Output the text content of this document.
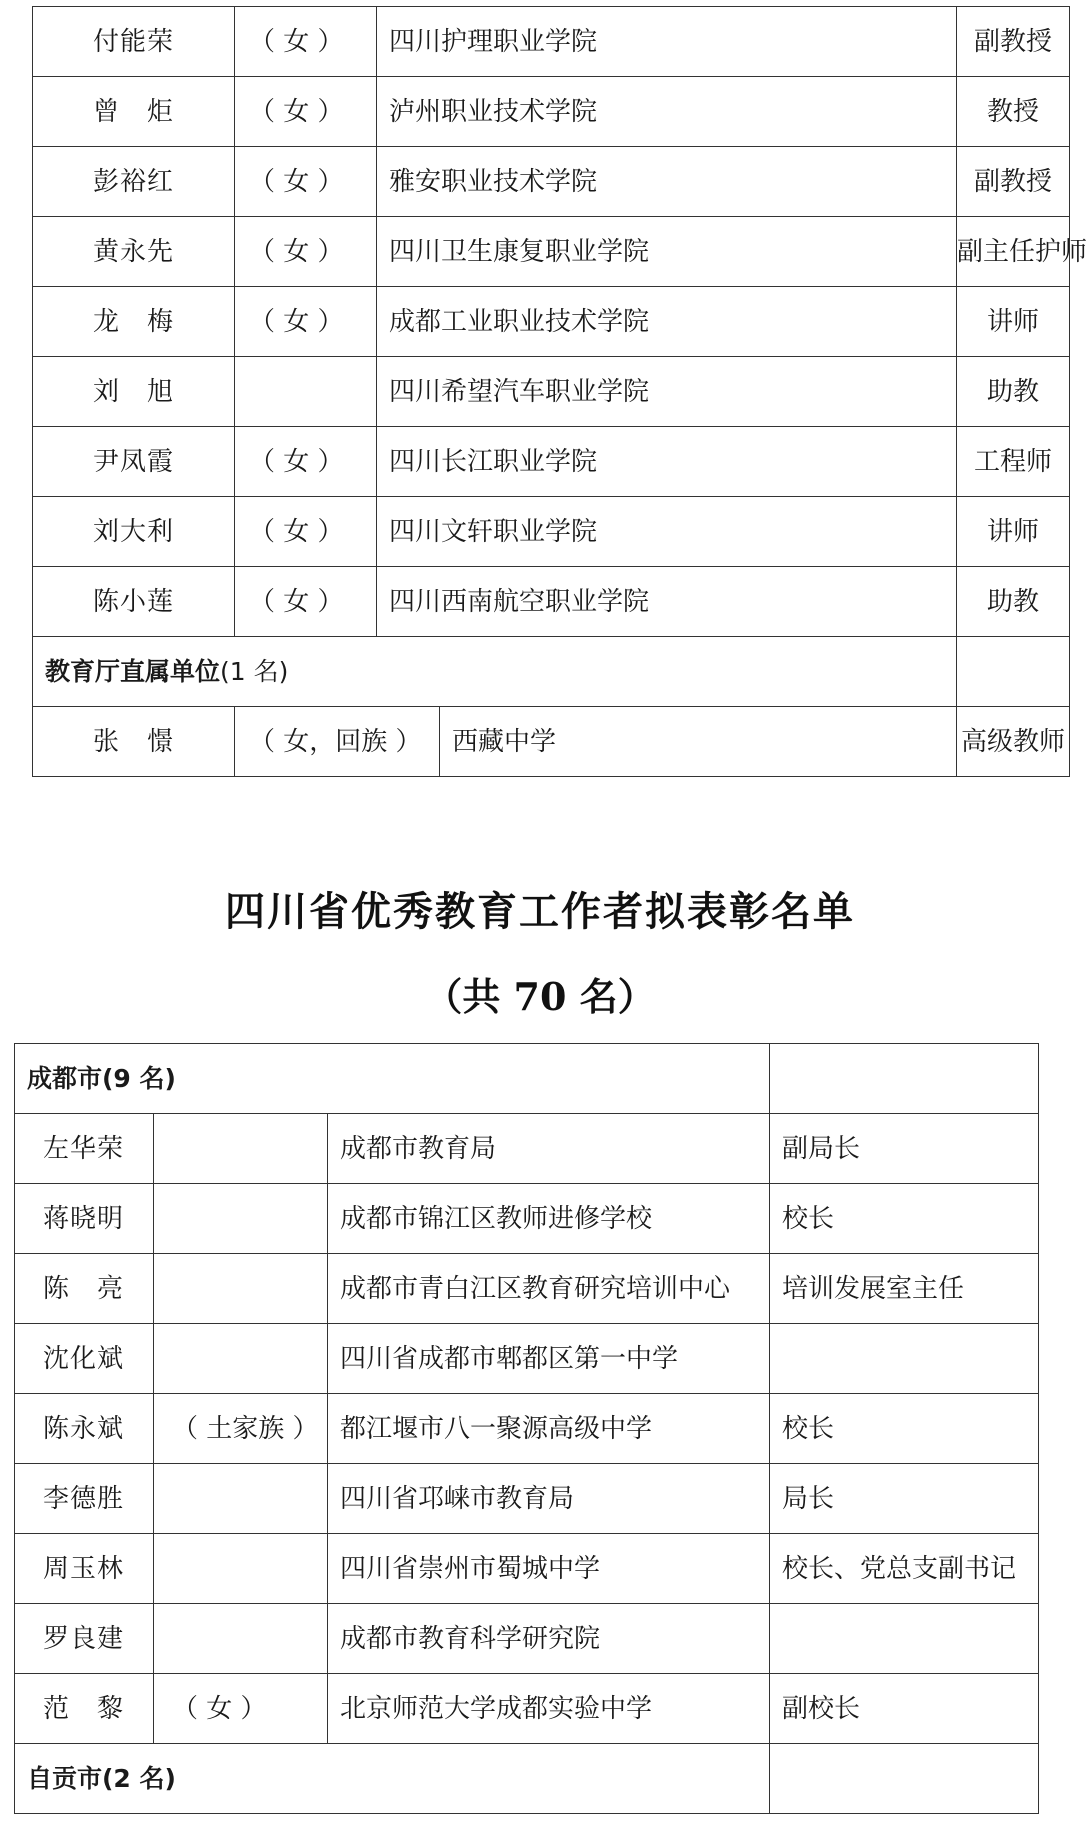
付能荣	（ 女 ）	四川护理职业学院		副教授
曾　炬	（ 女 ）	泸州职业技术学院		教授
彭裕红	（ 女 ）	雅安职业技术学院		副教授
黄永先	（ 女 ）	四川卫生康复职业学院		副主任护师
龙　梅	（ 女 ）	成都工业职业技术学院		讲师
刘　旭		四川希望汽车职业学院		助教
尹凤霞	（ 女 ）	四川长江职业学院		工程师
刘大利	（ 女 ）	四川文轩职业学院		讲师
陈小莲	（ 女 ）	四川西南航空职业学院		助教
教育厅直属单位(1 名)				
张　憬	（ 女，回族 ）		西藏中学	高级教师
四川省优秀教育工作者拟表彰名单
（共 70 名）
成都市(9 名)			
左华荣		成都市教育局	副局长
蒋晓明		成都市锦江区教师进修学校	校长
陈　亮		成都市青白江区教育研究培训中心	培训发展室主任
沈化斌		四川省成都市郫都区第一中学	
陈永斌	（ 土家族 ）	都江堰市八一聚源高级中学	校长
李德胜		四川省邛崃市教育局	局长
周玉林		四川省崇州市蜀城中学	校长、党总支副书记
罗良建		成都市教育科学研究院	
范　黎	（ 女 ）	北京师范大学成都实验中学	副校长
自贡市(2 名)			
